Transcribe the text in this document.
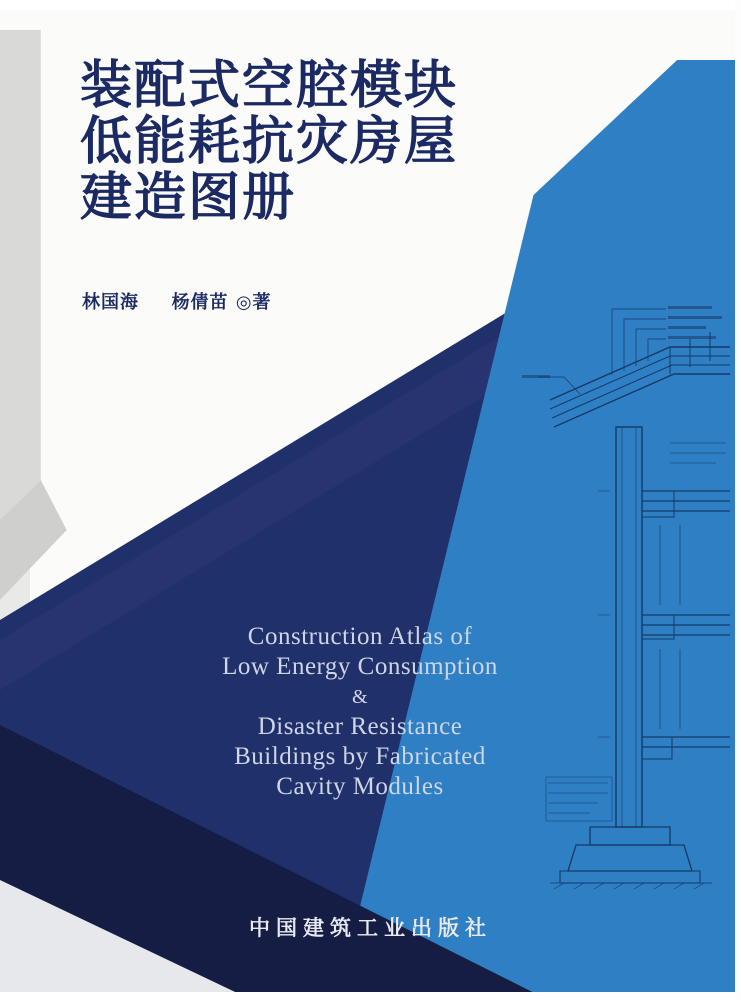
装配式空腔模块
低能耗抗灾房屋
建造图册
林国海 杨倩苗 ◎著
Construction Atlas of
Low Energy Consumption
&
Disaster Resistance
Buildings by Fabricated
Cavity Modules
中国建筑工业出版社
